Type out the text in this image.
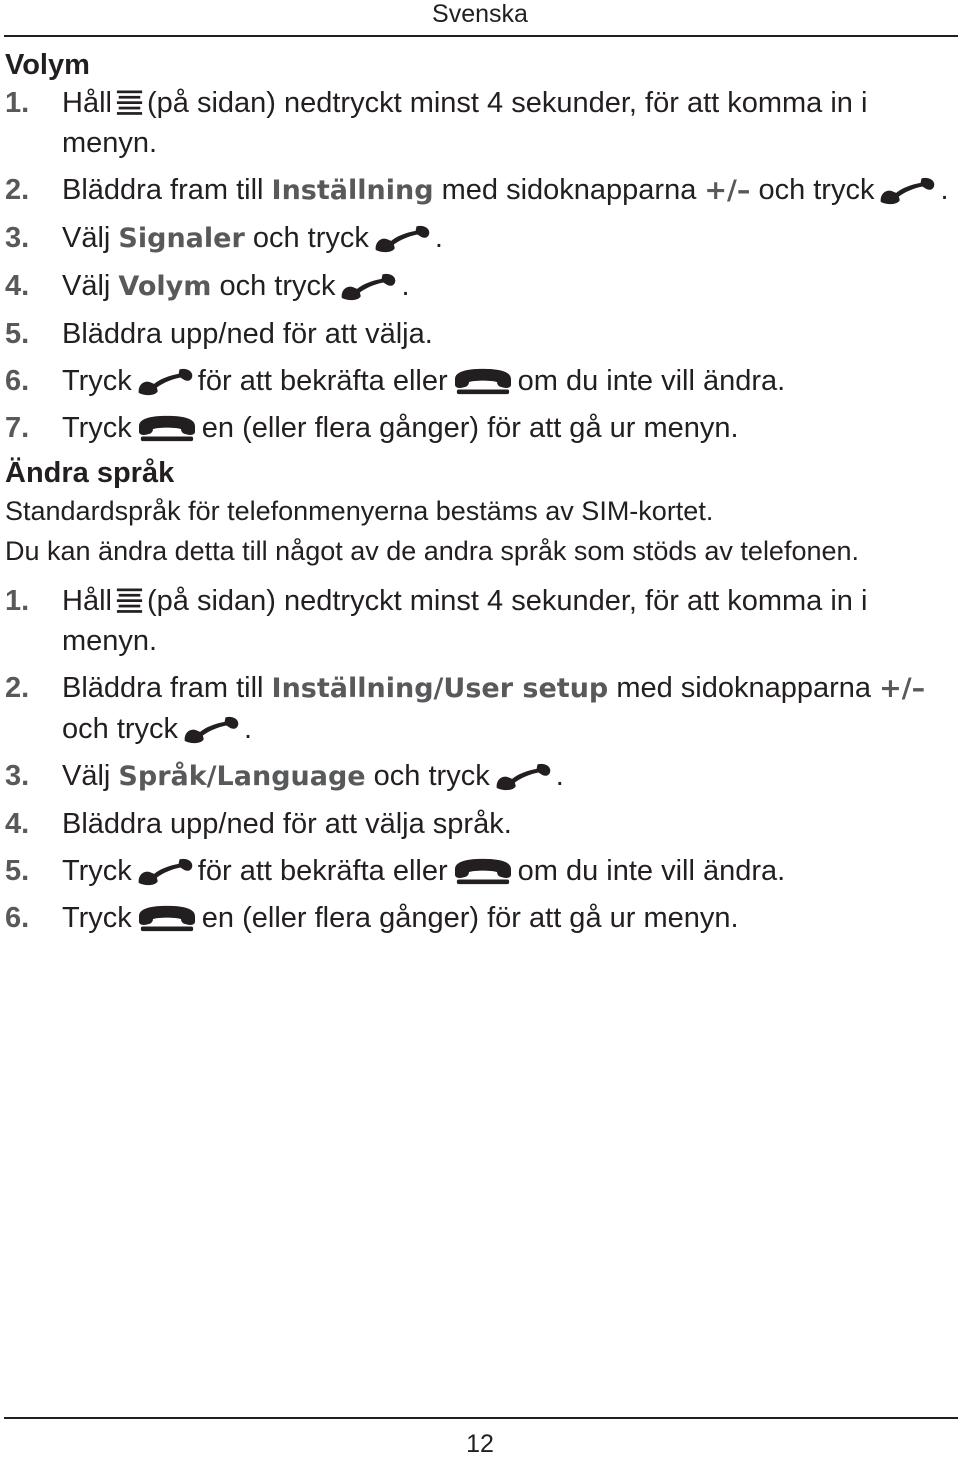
Svenska
Volym
1.	Håll (på sidan) nedtryckt minst 4 sekunder, för att komma in i menyn.
2.	Bläddra fram till Inställning med sidoknapparna +/– och tryck .
3.	Välj Signaler och tryck .
4.	Välj Volym och tryck .
5.	Bläddra upp/ned för att välja.
6.	Tryck för att bekräfta eller om du inte vill ändra.
7.	Tryck en (eller flera gånger) för att gå ur menyn.
Ändra språk

Standardspråk för telefonmenyerna bestäms av SIM-kortet.

Du kan ändra detta till något av de andra språk som stöds av telefonen.

1.	Håll (på sidan) nedtryckt minst 4 sekunder, för att komma in i menyn.
2.	Bläddra fram till Inställning/User setup med sidoknapparna +/– och tryck .
3.	Välj Språk/Language och tryck .
4.	Bläddra upp/ned för att välja språk.
5.	Tryck för att bekräfta eller om du inte vill ändra.
6.	Tryck en (eller flera gånger) för att gå ur menyn.
12
